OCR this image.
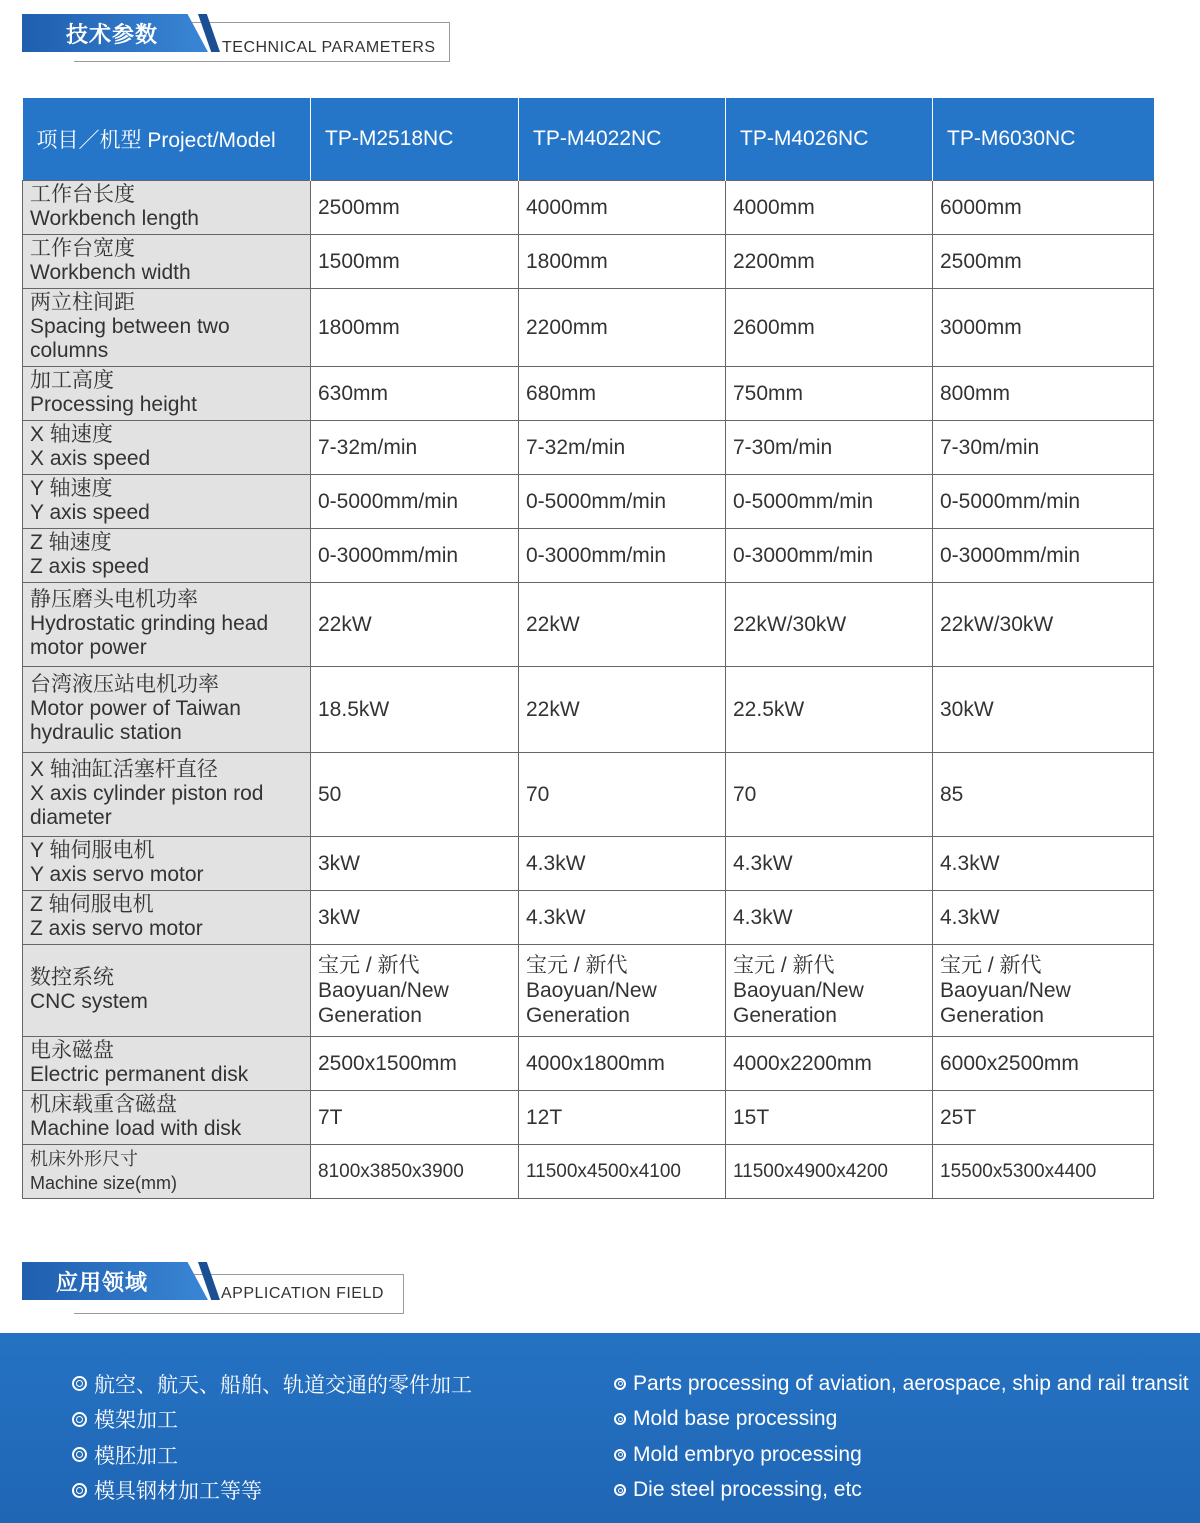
技术参数	TECHNICAL PARAMETERS
项目／机型 Project/Model	TP-M2518NC	TP-M4022NC	TP-M4026NC	TP-M6030NC

工作台长度
Workbench length	2500mm	4000mm	4000mm	6000mm

工作台宽度
Workbench width	1500mm	1800mm	2200mm	2500mm

两立柱间距
Spacing between two columns	1800mm	2200mm	2600mm	3000mm

加工高度
Processing height	630mm	680mm	750mm	800mm

X 轴速度
X axis speed	7-32m/min	7-32m/min	7-30m/min	7-30m/min

Y 轴速度
Y axis speed	0-5000mm/min	0-5000mm/min	0-5000mm/min	0-5000mm/min

Z 轴速度
Z axis speed	0-3000mm/min	0-3000mm/min	0-3000mm/min	0-3000mm/min

静压磨头电机功率
Hydrostatic grinding head motor power	22kW	22kW	22kW/30kW	22kW/30kW

台湾液压站电机功率
Motor power of Taiwan hydraulic station	18.5kW	22kW	22.5kW	30kW

X 轴油缸活塞杆直径
X axis cylinder piston rod diameter	50	70	70	85

Y 轴伺服电机
Y axis servo motor	3kW	4.3kW	4.3kW	4.3kW

Z 轴伺服电机
Z axis servo motor	3kW	4.3kW	4.3kW	4.3kW

数控系统
CNC system	宝元 / 新代
Baoyuan/New
Generation	宝元 / 新代
Baoyuan/New
Generation	宝元 / 新代
Baoyuan/New
Generation	宝元 / 新代
Baoyuan/New
Generation

电永磁盘
Electric permanent disk	2500x1500mm	4000x1800mm	4000x2200mm	6000x2500mm

机床载重含磁盘
Machine load with disk	7T	12T	15T	25T

机床外形尺寸
Machine size(mm)	8100x3850x3900	11500x4500x4100	11500x4900x4200	15500x5300x4400
应用领域	APPLICATION FIELD
航空、航天、船舶、轨道交通的零件加工
模架加工
模胚加工
模具钢材加工等等
Parts processing of aviation, aerospace, ship and rail transit
Mold base processing
Mold embryo processing
Die steel processing, etc
